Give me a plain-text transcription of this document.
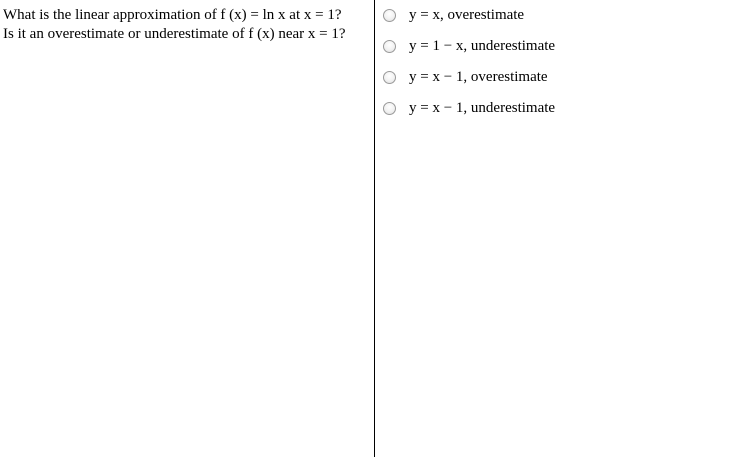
What is the linear approximation of f (x) = ln x at x = 1?
Is it an overestimate or underestimate of f (x) near x = 1?
y = x, overestimate
y = 1 − x, underestimate
y = x − 1, overestimate
y = x − 1, underestimate
